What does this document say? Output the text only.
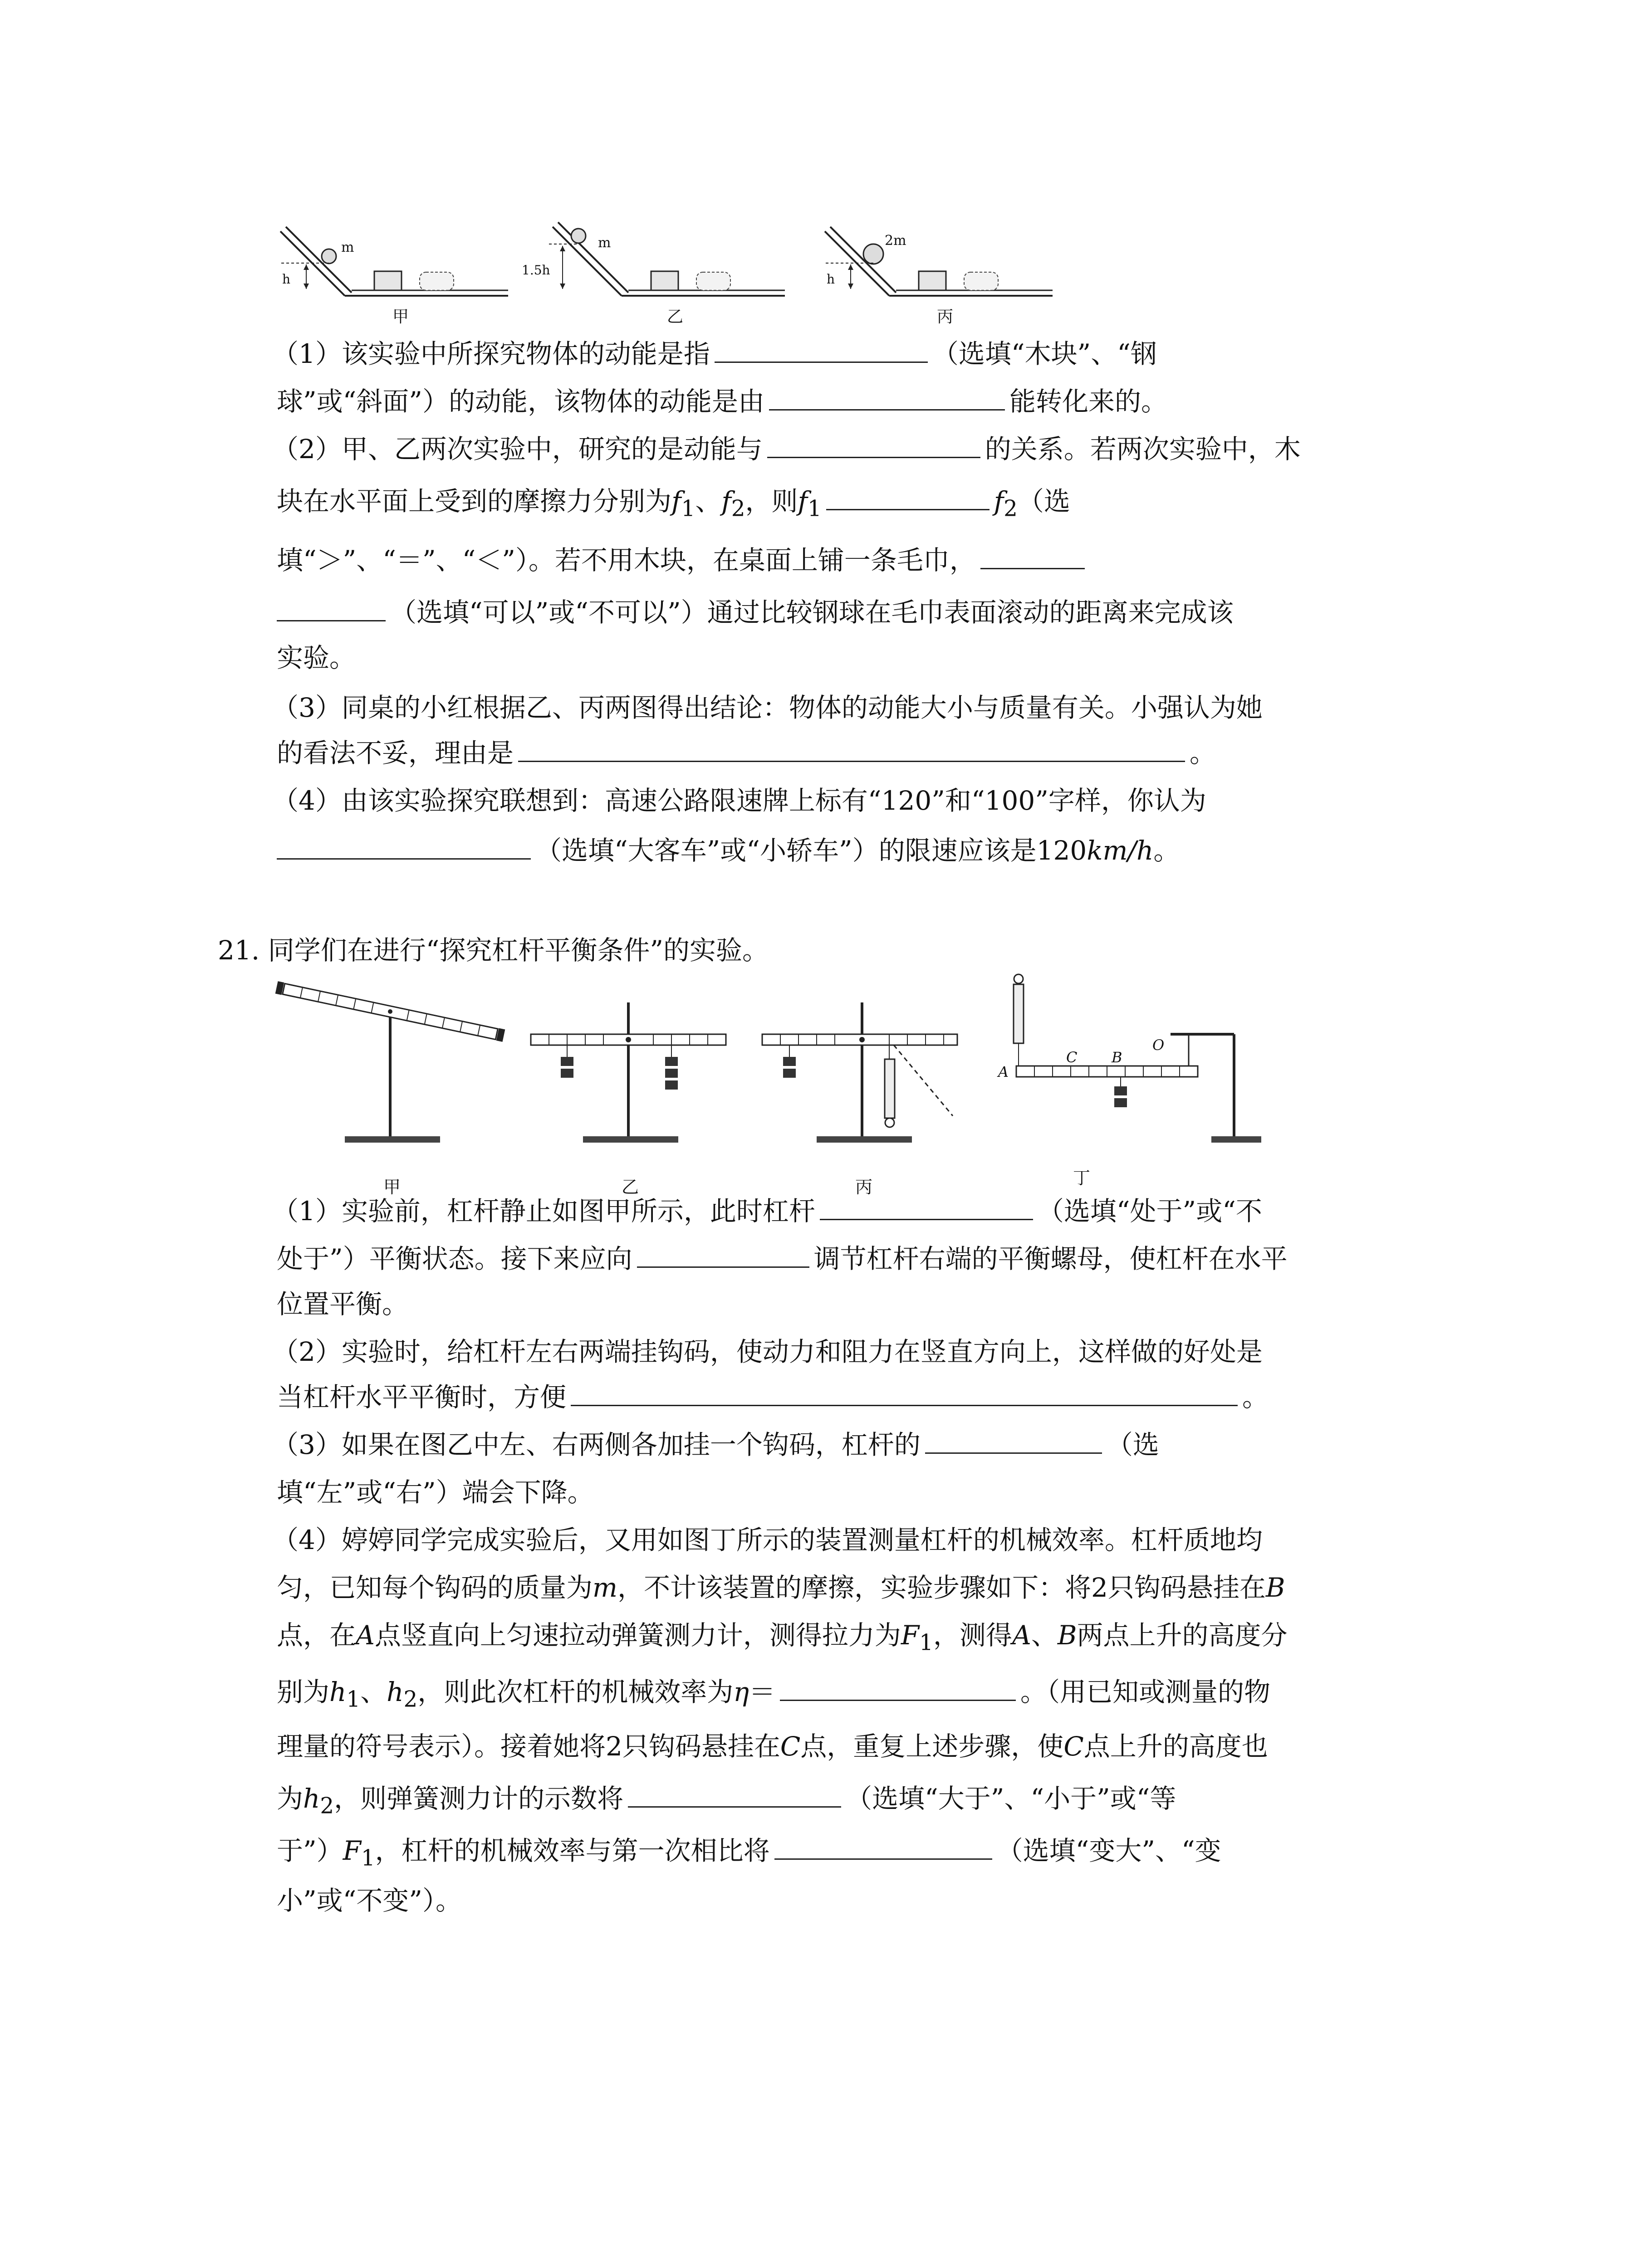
m
h
甲
m
1.5h
乙
2m
h
丙
（1）该实验中所探究物体的动能是指	（选填“木块”、“钢
球”或“斜面”）的动能，该物体的动能是由	能转化来的。
（2）甲、乙两次实验中，研究的是动能与	的关系。若两次实验中，木
块在水平面上受到的摩擦力分别为$f_1$、$f_2$，则$f_1$	$f_2$（选
填“＞”、“＝”、“＜”）。若不用木块，在桌面上铺一条毛巾，
（选填“可以”或“不可以”）通过比较钢球在毛巾表面滚动的距离来完成该
实验。
（3）同桌的小红根据乙、丙两图得出结论：物体的动能大小与质量有关。小强认为她
的看法不妥，理由是	。
（4）由该实验探究联想到：高速公路限速牌上标有“120”和“100”字样，你认为
（选填“大客车”或“小轿车”）的限速应该是120km/h。
21. 同学们在进行“探究杠杆平衡条件”的实验。
甲	乙	丙
A
C B
O
丁
（1）实验前，杠杆静止如图甲所示，此时杠杆	（选填“处于”或“不
处于”）平衡状态。接下来应向	调节杠杆右端的平衡螺母，使杠杆在水平
位置平衡。
（2）实验时，给杠杆左右两端挂钩码，使动力和阻力在竖直方向上，这样做的好处是
当杠杆水平平衡时，方便	。
（3）如果在图乙中左、右两侧各加挂一个钩码，杠杆的	（选
填“左”或“右”）端会下降。
（4）婷婷同学完成实验后，又用如图丁所示的装置测量杠杆的机械效率。杠杆质地均
匀，已知每个钩码的质量为m，不计该装置的摩擦，实验步骤如下：将2只钩码悬挂在B
点，在A点竖直向上匀速拉动弹簧测力计，测得拉力为$F_1$，测得A、B两点上升的高度分
别为$h_1$、$h_2$，则此次杠杆的机械效率为η＝	。（用已知或测量的物
理量的符号表示）。接着她将2只钩码悬挂在C点，重复上述步骤，使C点上升的高度也
为$h_2$，则弹簧测力计的示数将	（选填“大于”、“小于”或“等
于$”)F_1$，杠杆的机械效率与第一次相比将	（选填“变大”、“变
小”或“不变”）。
